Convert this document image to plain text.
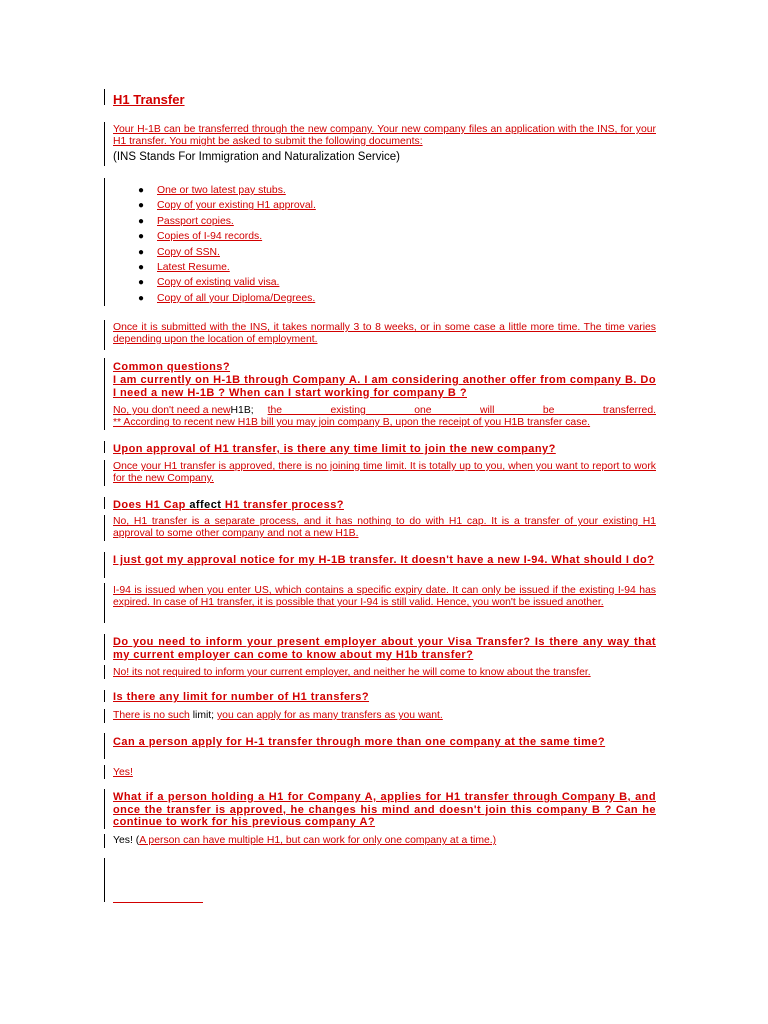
H1 Transfer
Your H-1B can be transferred through the new company. Your new company files an application with the INS, for your H1 transfer. You might be asked to submit the following documents:
(INS Stands For Immigration and Naturalization Service)
● One or two latest pay stubs.
● Copy of your existing H1 approval.
● Passport copies.
● Copies of I-94 records.
● Copy of SSN.
● Latest Resume.
● Copy of existing valid visa.
● Copy of all your Diploma/Degrees.
Once it is submitted with the INS, it takes normally 3 to 8 weeks, or in some case a little more time. The time varies depending upon the location of employment.
Common questions?
I am currently on H-1B through Company A. I am considering another offer from company B. Do I need a new H-1B ? When can I start working for company B ?
No, you don't need a new H1B;	the existing one will be transferred.
** According to recent new H1B bill you may join company B, upon the receipt of you H1B transfer case.
Upon approval of H1 transfer, is there any time limit to join the new company?
Once your H1 transfer is approved, there is no joining time limit. It is totally up to you, when you want to report to work for the new Company.
Does H1 Cap affect H1 transfer process?
No, H1 transfer is a separate process, and it has nothing to do with H1 cap. It is a transfer of your existing H1 approval to some other company and not a new H1B.
I just got my approval notice for my H-1B transfer. It doesn't have a new I-94. What should I do?
I-94 is issued when you enter US, which contains a specific expiry date. It can only be issued if the existing I-94 has expired. In case of H1 transfer, it is possible that your I-94 is still valid. Hence, you won't be issued another.
Do you need to inform your present employer about your Visa Transfer? Is there any way that my current employer can come to know about my H1b transfer?
No! its not required to inform your current employer, and neither he will come to know about the transfer.
Is there any limit for number of H1 transfers?
There is no such limit; you can apply for as many transfers as you want.
Can a person apply for H-1 transfer through more than one company at the same time?
Yes!
What if a person holding a H1 for Company A, applies for H1 transfer through Company B, and once the transfer is approved, he changes his mind and doesn't join this company B ? Can he continue to work for his previous company A?
Yes! (A person can have multiple H1, but can work for only one company at a time.)
